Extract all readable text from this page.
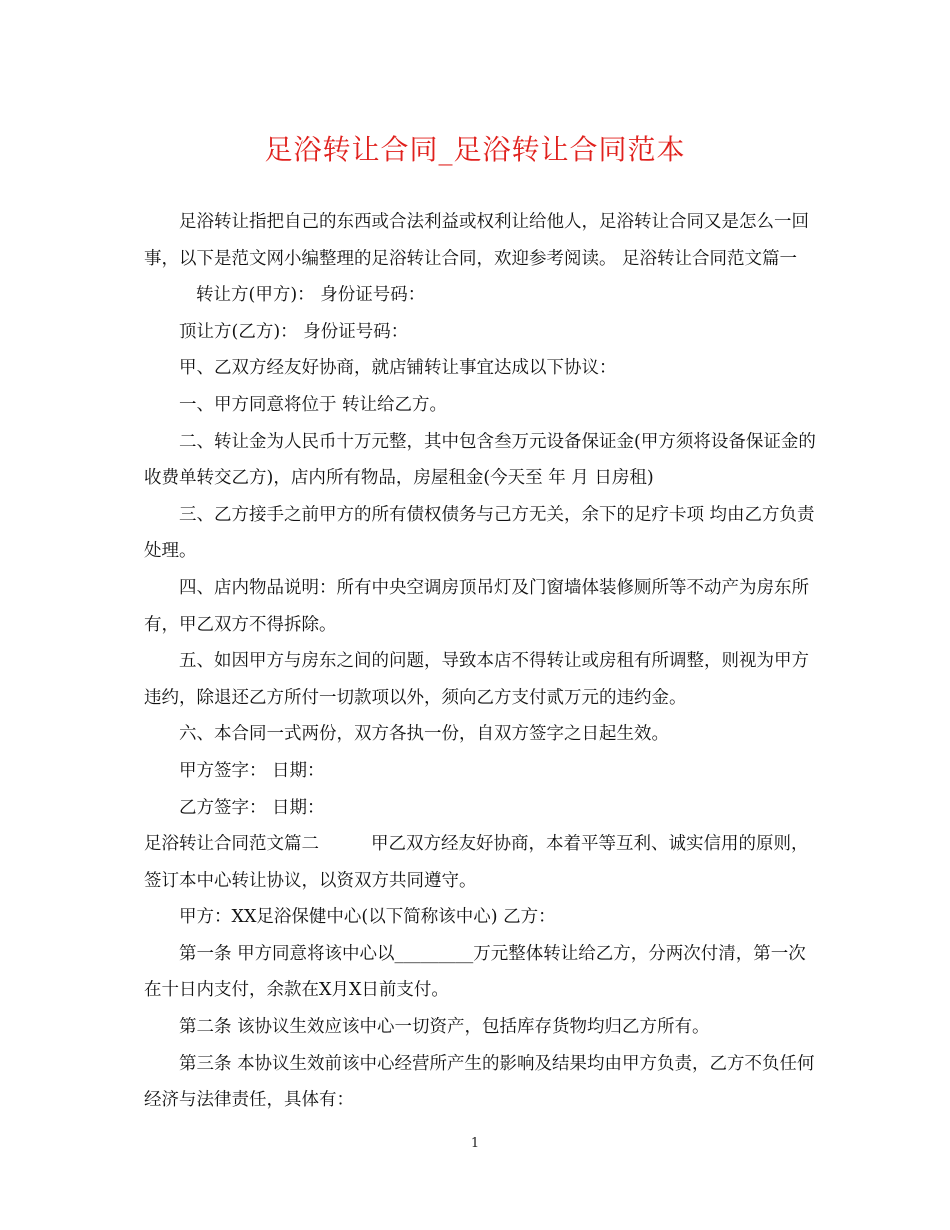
足浴转让合同_足浴转让合同范本

足浴转让指把自己的东西或合法利益或权利让给他人，足浴转让合同又是怎么一回事，以下是范文网小编整理的足浴转让合同，欢迎参考阅读。 足浴转让合同范文篇一转让方(甲方)： 身份证号码：

顶让方(乙方)： 身份证号码：

甲、乙双方经友好协商，就店铺转让事宜达成以下协议：

一、甲方同意将位于 转让给乙方。

二、转让金为人民币十万元整，其中包含叁万元设备保证金(甲方须将设备保证金的收费单转交乙方)，店内所有物品，房屋租金(今天至 年 月 日房租)

三、乙方接手之前甲方的所有债权债务与己方无关，余下的足疗卡项 均由乙方负责处理。

四、店内物品说明：所有中央空调房顶吊灯及门窗墙体装修厕所等不动产为房东所有，甲乙双方不得拆除。

五、如因甲方与房东之间的问题，导致本店不得转让或房租有所调整，则视为甲方违约，除退还乙方所付一切款项以外，须向乙方支付贰万元的违约金。

六、本合同一式两份，双方各执一份，自双方签字之日起生效。

甲方签字： 日期：

乙方签字： 日期：

足浴转让合同范文篇二	甲乙双方经友好协商，本着平等互利、诚实信用的原则，签订本中心转让协议，以资双方共同遵守。

甲方：XX足浴保健中心(以下简称该中心) 乙方：

第一条 甲方同意将该中心以_________万元整体转让给乙方，分两次付清，第一次在十日内支付，余款在X月X日前支付。

第二条 该协议生效应该中心一切资产，包括库存货物均归乙方所有。

第三条 本协议生效前该中心经营所产生的影响及结果均由甲方负责，乙方不负任何经济与法律责任，具体有：

1
